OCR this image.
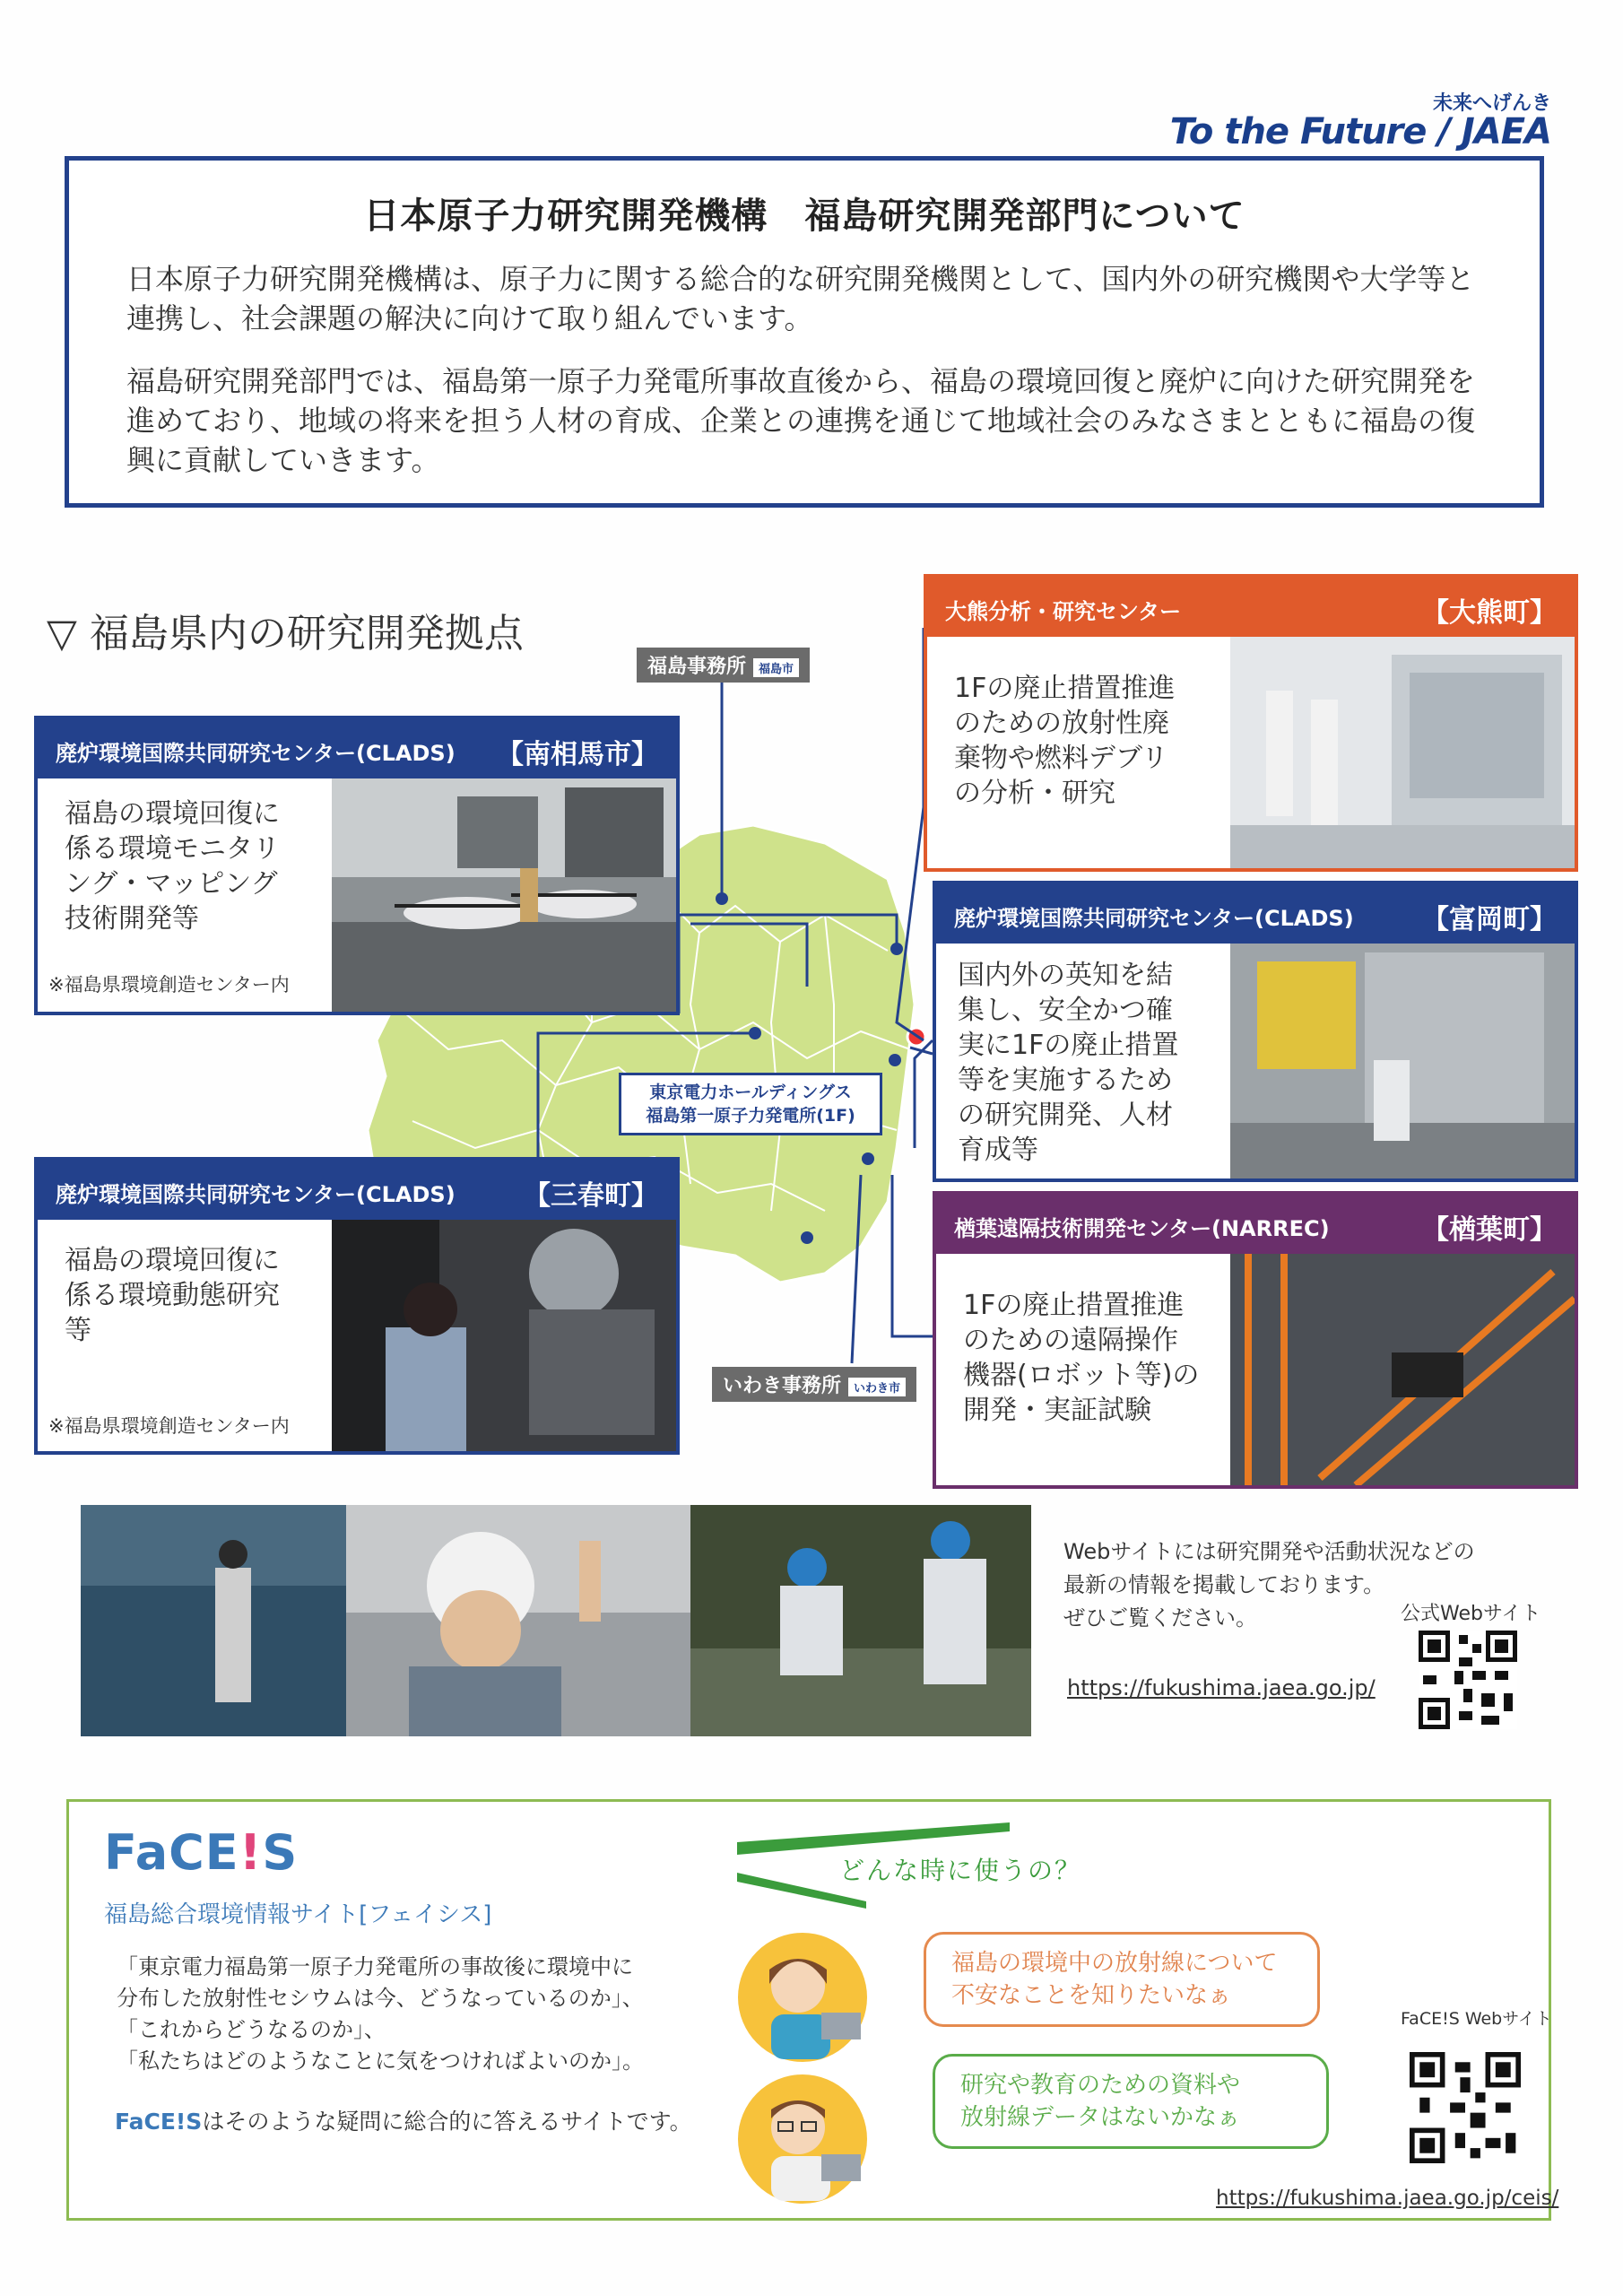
未来へげんき
To the Future / JAEA
日本原子力研究開発機構　福島研究開発部門について

日本原子力研究開発機構は、原子力に関する総合的な研究開発機関として、国内外の研究機関や大学等と連携し、社会課題の解決に向けて取り組んでいます。

福島研究開発部門では、福島第一原子力発電所事故直後から、福島の環境回復と廃炉に向けた研究開発を進めており、地域の将来を担う人材の育成、企業との連携を通じて地域社会のみなさまとともに福島の復興に貢献していきます。

▽ 福島県内の研究開発拠点
福島事務所 福島市
いわき事務所 いわき市
東京電力ホールディングス
福島第一原子力発電所(1F)
廃炉環境国際共同研究センター(CLADS) 【南相馬市】
福島の環境回復に
係る環境モニタリ
ング・マッピング
技術開発等
※福島県環境創造センター内
廃炉環境国際共同研究センター(CLADS)	【三春町】
福島の環境回復に
係る環境動態研究
等
※福島県環境創造センター内
大熊分析・研究センター	【大熊町】
1Fの廃止措置推進
のための放射性廃
棄物や燃料デブリ
の分析・研究
廃炉環境国際共同研究センター(CLADS)	【富岡町】
国内外の英知を結
集し、安全かつ確
実に1Fの廃止措置
等を実施するため
の研究開発、人材
育成等
楢葉遠隔技術開発センター(NARREC)	【楢葉町】
1Fの廃止措置推進
のための遠隔操作
機器(ロボット等)の
開発・実証試験
Webサイトには研究開発や活動状況などの
最新の情報を掲載しております。
ぜひご覧ください。	公式Webサイト
https://fukushima.jaea.go.jp/
FaCE!S
福島総合環境情報サイト[フェイシス]
「東京電力福島第一原子力発電所の事故後に環境中に
分布した放射性セシウムは今、どうなっているのか」、
「これからどうなるのか」、
「私たちはどのようなことに気をつければよいのか」。
FaCE!Sはそのような疑問に総合的に答えるサイトです。
どんな時に使うの？
福島の環境中の放射線について
不安なことを知りたいなぁ
研究や教育のための資料や
放射線データはないかなぁ
FaCE!S Webサイト
https://fukushima.jaea.go.jp/ceis/
